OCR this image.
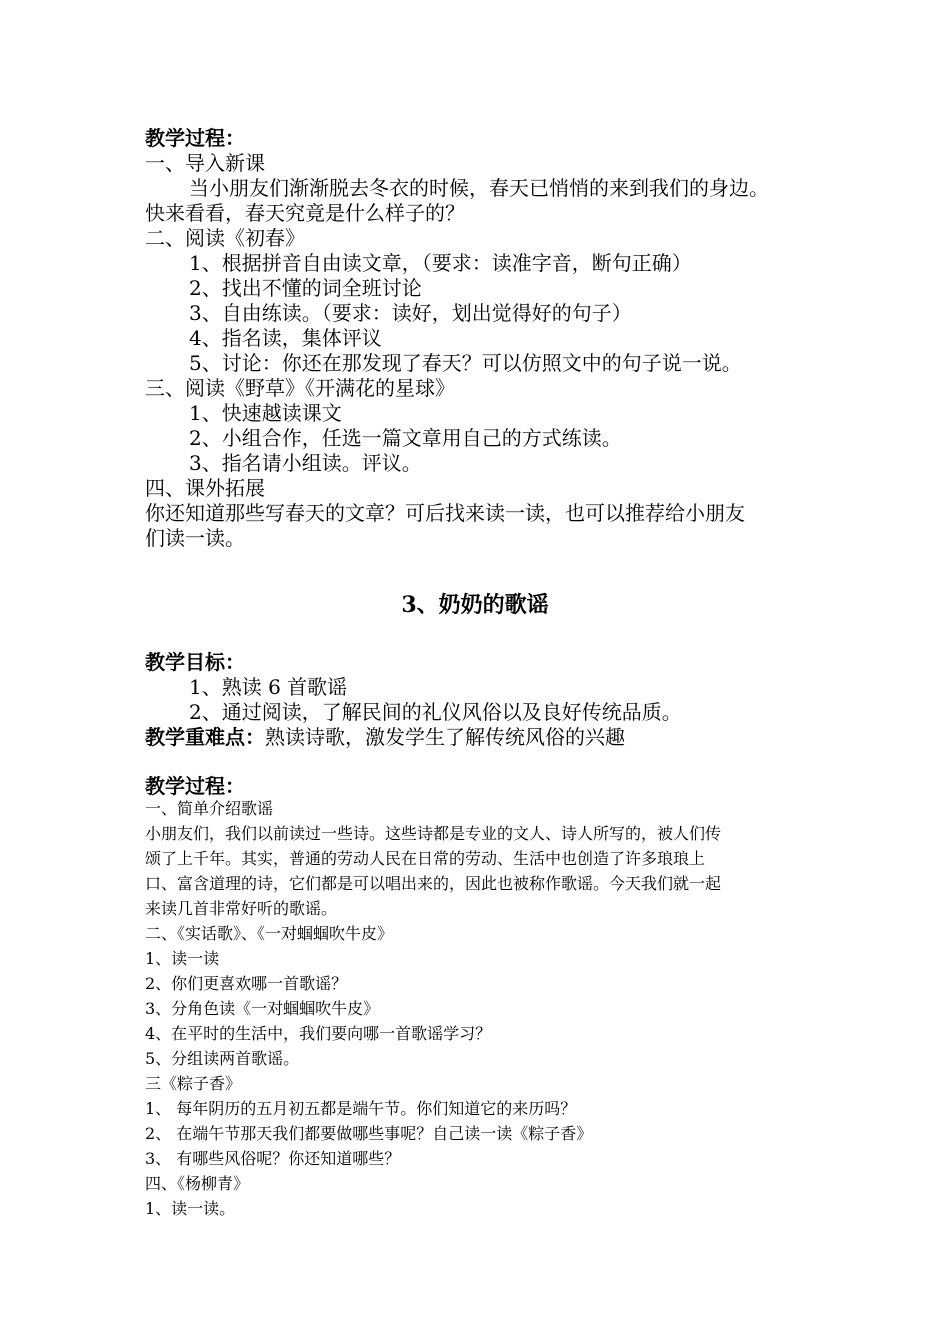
教学过程：
一、导入新课
当小朋友们渐渐脱去冬衣的时候，春天已悄悄的来到我们的身边。
快来看看，春天究竟是什么样子的？
二、阅读《初春》
1、根据拼音自由读文章，（要求：读准字音，断句正确）
2、找出不懂的词全班讨论
3、自由练读。（要求：读好，划出觉得好的句子）
4、指名读，集体评议
5、讨论：你还在那发现了春天？可以仿照文中的句子说一说。
三、阅读《野草》《开满花的星球》
1、快速越读课文
2、小组合作，任选一篇文章用自己的方式练读。
3、指名请小组读。评议。
四、课外拓展
你还知道那些写春天的文章？可后找来读一读，也可以推荐给小朋友
们读一读。
3、奶奶的歌谣
教学目标：
1、熟读 6 首歌谣
2、通过阅读，了解民间的礼仪风俗以及良好传统品质。
教学重难点：熟读诗歌，激发学生了解传统风俗的兴趣
教学过程：
一、简单介绍歌谣
小朋友们，我们以前读过一些诗。这些诗都是专业的文人、诗人所写的，被人们传
颂了上千年。其实，普通的劳动人民在日常的劳动、生活中也创造了许多琅琅上
口、富含道理的诗，它们都是可以唱出来的，因此也被称作歌谣。今天我们就一起
来读几首非常好听的歌谣。
二、《实话歌》、《一对蝈蝈吹牛皮》
1、读一读
2、你们更喜欢哪一首歌谣？
3、分角色读《一对蝈蝈吹牛皮》
4、在平时的生活中，我们要向哪一首歌谣学习？
5、分组读两首歌谣。
三《粽子香》
1、 每年阴历的五月初五都是端午节。你们知道它的来历吗？
2、 在端午节那天我们都要做哪些事呢？自己读一读《粽子香》
3、 有哪些风俗呢？你还知道哪些？
四、《杨柳青》
1、读一读。
